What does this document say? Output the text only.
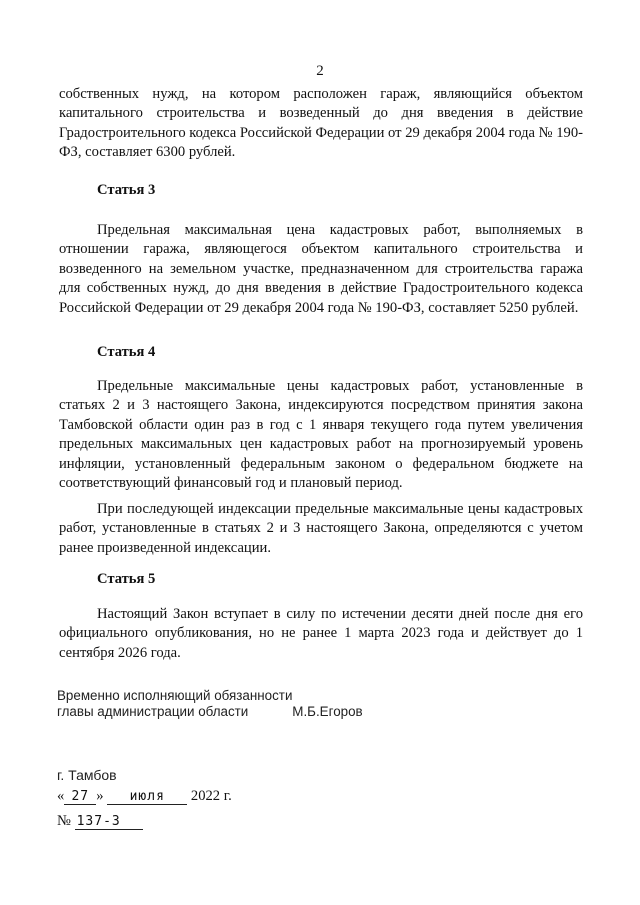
2

собственных нужд, на котором расположен гараж, являющийся объектом капитального строительства и возведенный до дня введения в действие Градостроительного кодекса Российской Федерации от 29 декабря 2004 года № 190-ФЗ, составляет 6300 рублей.

Статья 3

Предельная максимальная цена кадастровых работ, выполняемых в отношении гаража, являющегося объектом капитального строительства и возведенного на земельном участке, предназначенном для строительства гаража для собственных нужд, до дня введения в действие Градостроительного кодекса Российской Федерации от 29 декабря 2004 года № 190-ФЗ, составляет 5250 рублей.

Статья 4

Предельные максимальные цены кадастровых работ, установленные в статьях 2 и 3 настоящего Закона, индексируются посредством принятия закона Тамбовской области один раз в год с 1 января текущего года путем увеличения предельных максимальных цен кадастровых работ на прогнозируемый уровень инфляции, установленный федеральным законом о федеральном бюджете на соответствующий финансовый год и плановый период.

При последующей индексации предельные максимальные цены кадастровых работ, установленные в статьях 2 и 3 настоящего Закона, определяются с учетом ранее произведенной индексации.

Статья 5

Настоящий Закон вступает в силу по истечении десяти дней после дня его официального опубликования, но не ранее 1 марта 2023 года и действует до 1 сентября 2026 года.

Временно исполняющий обязанности
главы администрации области	М.Б.Егоров
г. Тамбов
« 27 » июля 2022 г.
№ 137-З
